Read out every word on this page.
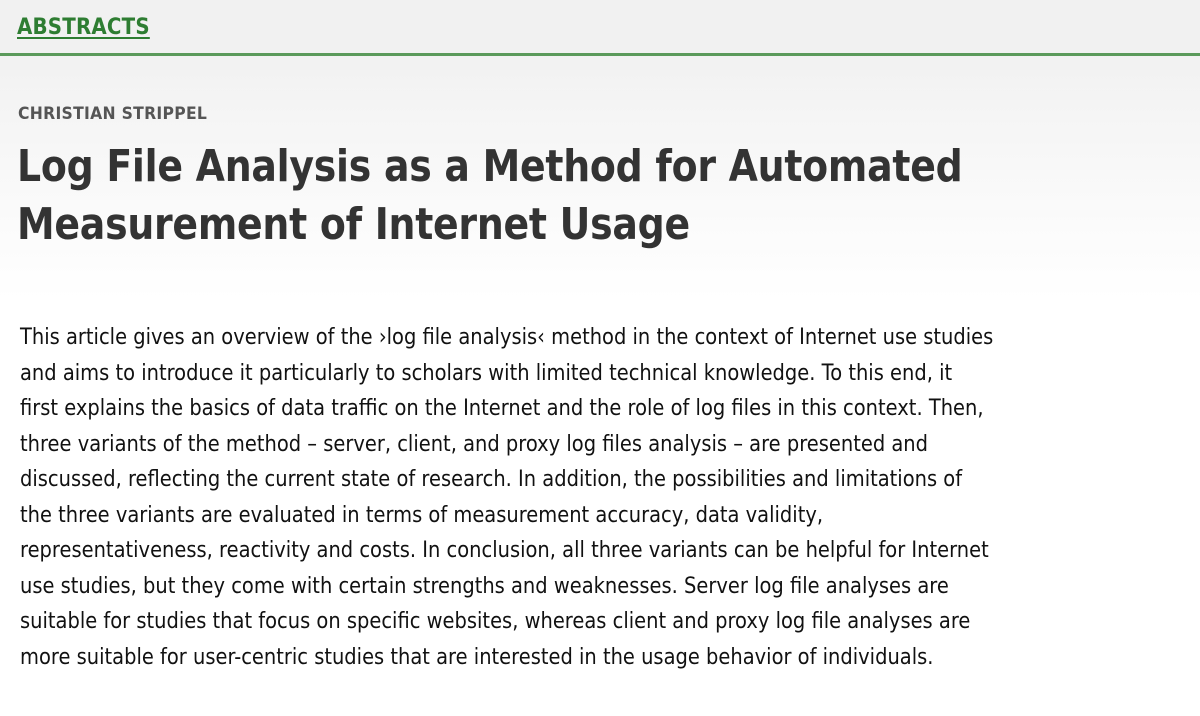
ABSTRACTS
CHRISTIAN STRIPPEL
Log File Analysis as a Method for Automated
Measurement of Internet Usage

This article gives an overview of the ›log file analysis‹ method in the context of Internet use studies
and aims to introduce it particularly to scholars with limited technical knowledge. To this end, it
first explains the basics of data traffic on the Internet and the role of log files in this context. Then,
three variants of the method – server, client, and proxy log files analysis – are presented and
discussed, reflecting the current state of research. In addition, the possibilities and limitations of
the three variants are evaluated in terms of measurement accuracy, data validity,
representativeness, reactivity and costs. In conclusion, all three variants can be helpful for Internet
use studies, but they come with certain strengths and weaknesses. Server log file analyses are
suitable for studies that focus on specific websites, whereas client and proxy log file analyses are
more suitable for user-centric studies that are interested in the usage behavior of individuals.
